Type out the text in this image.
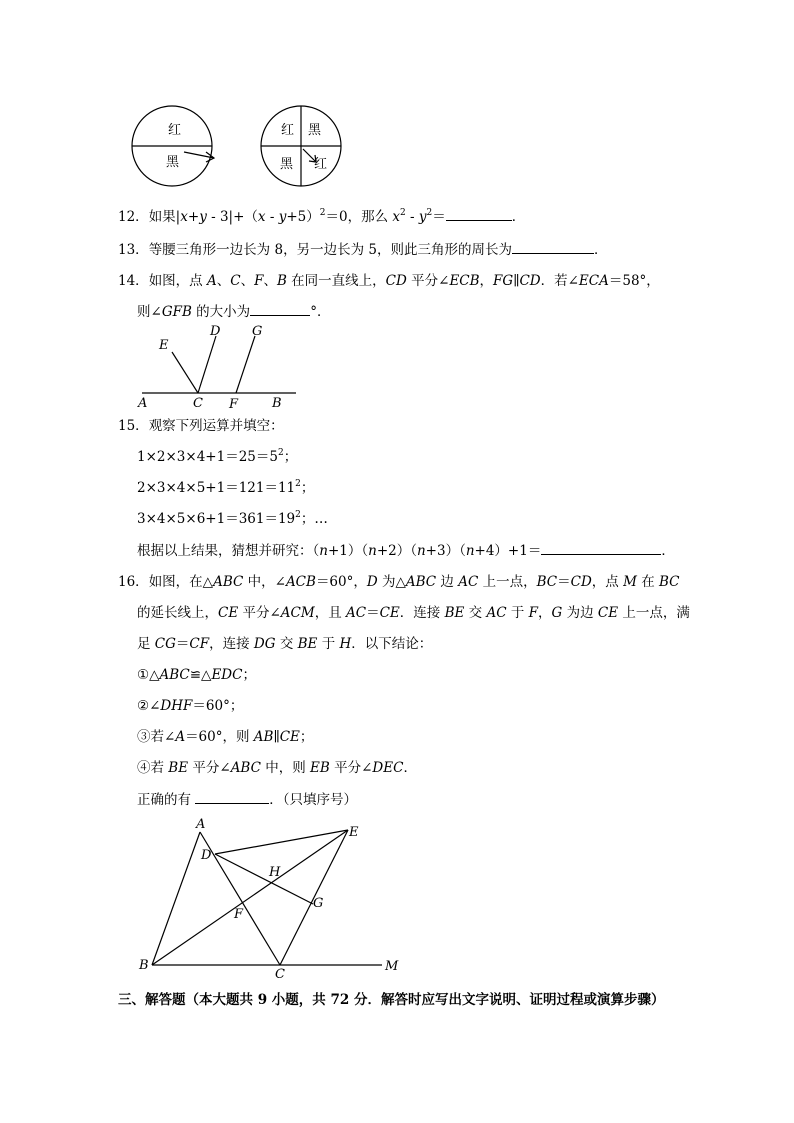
红
黑
红 黑
黑 红
12．如果$|x+y - 3|+(x - y+5)^2=0$，那么 $x^2 - y^2=$	．
13．等腰三角形一边长为 8，另一边长为 5，则此三角形的周长为	．
14．如图，点 A、C、F、B 在同一直线上，CD 平分∠ECB，FG∥CD．若∠ECA＝58°，
则∠GFB 的大小为	°．
E
D G
A	C F	B
15．观察下列运算并填空：
$1\times 2\times 3\times 4+1=25=5^2$；
$2\times 3\times 4\times 5+1=121=11^2$；
$3\times 4\times 5\times 6+1=361=19^2$；…
根据以上结果，猜想并研究：（n+1）（n+2）（n+3）（n+4）+1＝	．
16．如图，在△ABC 中，∠ACB＝60°，D 为△ABC 边 AC 上一点，BC＝CD，点 M 在 BC
的延长线上，CE 平分∠ACM，且 AC＝CE．连接 BE 交 AC 于 F，G 为边 CE 上一点，满
足 CG＝CF，连接 DG 交 BE 于 H．以下结论：
①△ABC≌△EDC；
②∠DHF＝60°；
③若∠A＝60°，则 AB∥CE；
④若 BE 平分∠ABC 中，则 EB 平分∠DEC．
正确的有	．（只填序号）
A
D
E
H
G
F
B
C
M
三、解答题（本大题共 9 小题，共 72 分．解答时应写出文字说明、证明过程或演算步骤）
